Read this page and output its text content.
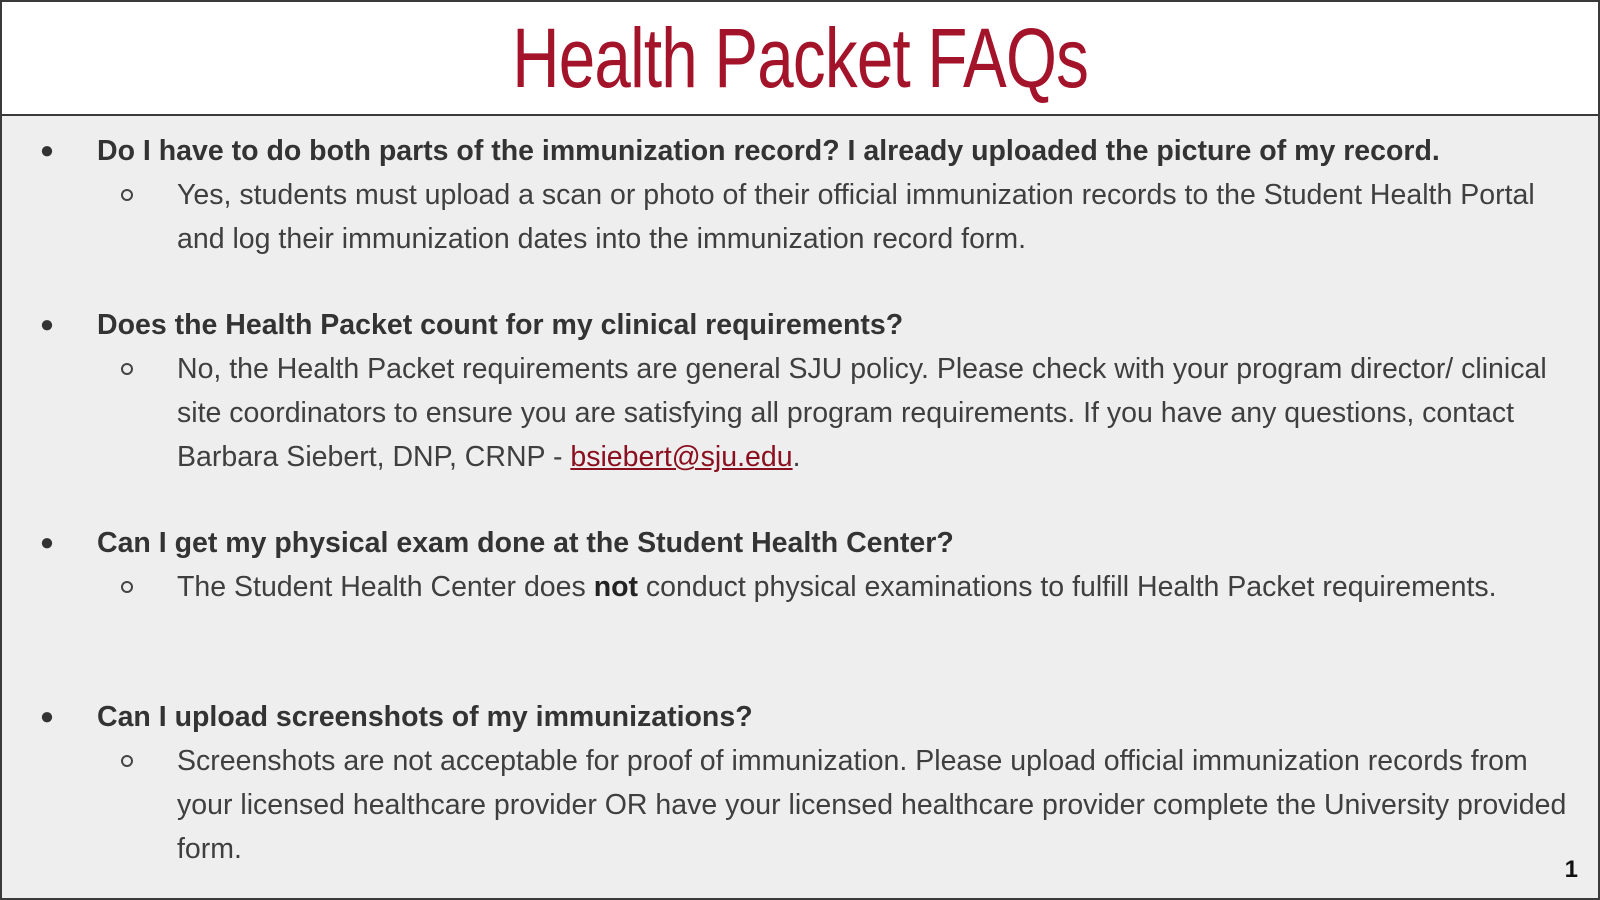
Health Packet FAQs
● Do I have to do both parts of the immunization record? I already uploaded the picture of my record.

Yes, students must upload a scan or photo of their official immunization records to the Student Health Portal and log their immunization dates into the immunization record form.

● Does the Health Packet count for my clinical requirements?

No, the Health Packet requirements are general SJU policy. Please check with your program director/ clinical site coordinators to ensure you are satisfying all program requirements. If you have any questions, contact Barbara Siebert, DNP, CRNP - bsiebert@sju.edu.

● Can I get my physical exam done at the Student Health Center?

The Student Health Center does not conduct physical examinations to fulfill Health Packet requirements.

● Can I upload screenshots of my immunizations?

Screenshots are not acceptable for proof of immunization. Please upload official immunization records from your licensed healthcare provider OR have your licensed healthcare provider complete the University provided form.

1
